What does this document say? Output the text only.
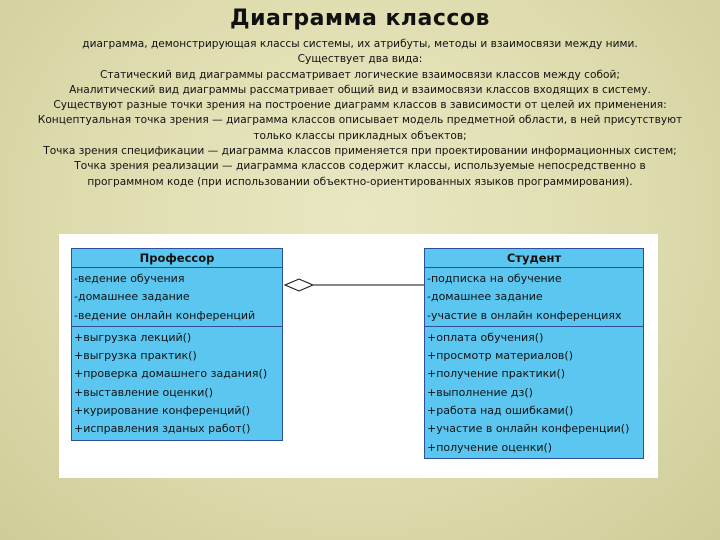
Диаграмма классов
диаграмма, демонстрирующая классы системы, их атрибуты, методы и взаимосвязи между ними.
Существует два вида:
Статический вид диаграммы рассматривает логические взаимосвязи классов между собой;
Аналитический вид диаграммы рассматривает общий вид и взаимосвязи классов входящих в систему.
Существуют разные точки зрения на построение диаграмм классов в зависимости от целей их применения:
Концептуальная точка зрения — диаграмма классов описывает модель предметной области, в ней присутствуют
только классы прикладных объектов;
Точка зрения спецификации — диаграмма классов применяется при проектировании информационных систем;
Точка зрения реализации — диаграмма классов содержит классы, используемые непосредственно в
программном коде (при использовании объектно-ориентированных языков программирования).
Профессор
-ведение обучения
-домашнее задание
-ведение онлайн конференций
+выгрузка лекций()
+выгрузка практик()
+проверка домашнего задания()
+выставление оценки()
+курирование конференций()
+исправления зданых работ()
Студент
-подписка на обучение
-домашнее задание
-участие в онлайн конференциях
+оплата обучения()
+просмотр материалов()
+получение практики()
+выполнение дз()
+работа над ошибками()
+участие в онлайн конференции()
+получение оценки()
